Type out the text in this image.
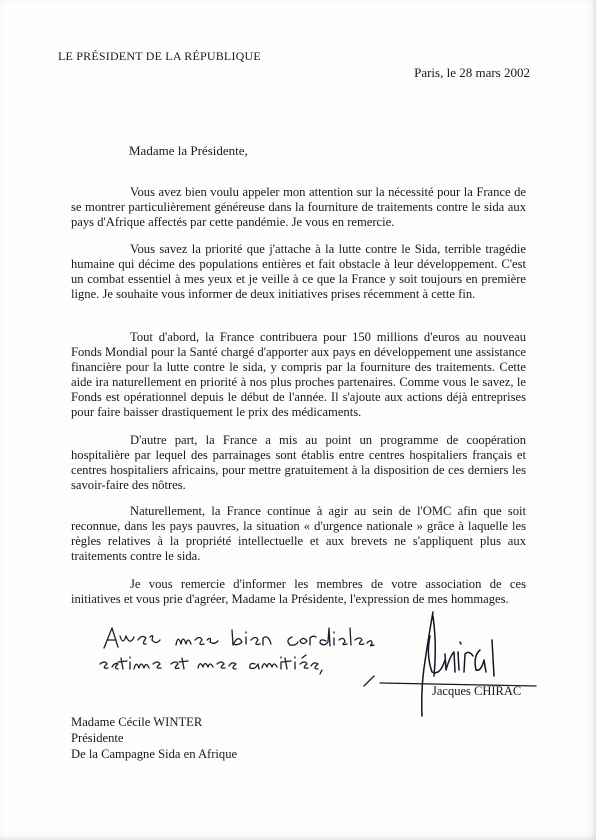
LE PRÉSIDENT DE LA RÉPUBLIQUE
Paris, le 28 mars 2002
Madame la Présidente,

Vous avez bien voulu appeler mon attention sur la nécessité pour la France de se montrer particulièrement généreuse dans la fourniture de traitements contre le sida aux pays d'Afrique affectés par cette pandémie. Je vous en remercie.

Vous savez la priorité que j'attache à la lutte contre le Sida, terrible tragédie humaine qui décime des populations entières et fait obstacle à leur développement. C'est un combat essentiel à mes yeux et je veille à ce que la France y soit toujours en première ligne. Je souhaite vous informer de deux initiatives prises récemment à cette fin.

Tout d'abord, la France contribuera pour 150 millions d'euros au nouveau Fonds Mondial pour la Santé chargé d'apporter aux pays en développement une assistance financière pour la lutte contre le sida, y compris par la fourniture des traitements. Cette aide ira naturellement en priorité à nos plus proches partenaires. Comme vous le savez, le Fonds est opérationnel depuis le début de l'année. Il s'ajoute aux actions déjà entreprises pour faire baisser drastiquement le prix des médicaments.

D'autre part, la France a mis au point un programme de coopération hospitalière par lequel des parrainages sont établis entre centres hospitaliers français et centres hospitaliers africains, pour mettre gratuitement à la disposition de ces derniers les savoir-faire des nôtres.

Naturellement, la France continue à agir au sein de l'OMC afin que soit reconnue, dans les pays pauvres, la situation « d'urgence nationale » grâce à laquelle les règles relatives à la propriété intellectuelle et aux brevets ne s'appliquent plus aux traitements contre le sida.

Je vous remercie d'informer les membres de votre association de ces initiatives et vous prie d'agréer, Madame la Présidente, l'expression de mes hommages.

Jacques CHIRAC
Madame Cécile WINTER
Présidente
De la Campagne Sida en Afrique
